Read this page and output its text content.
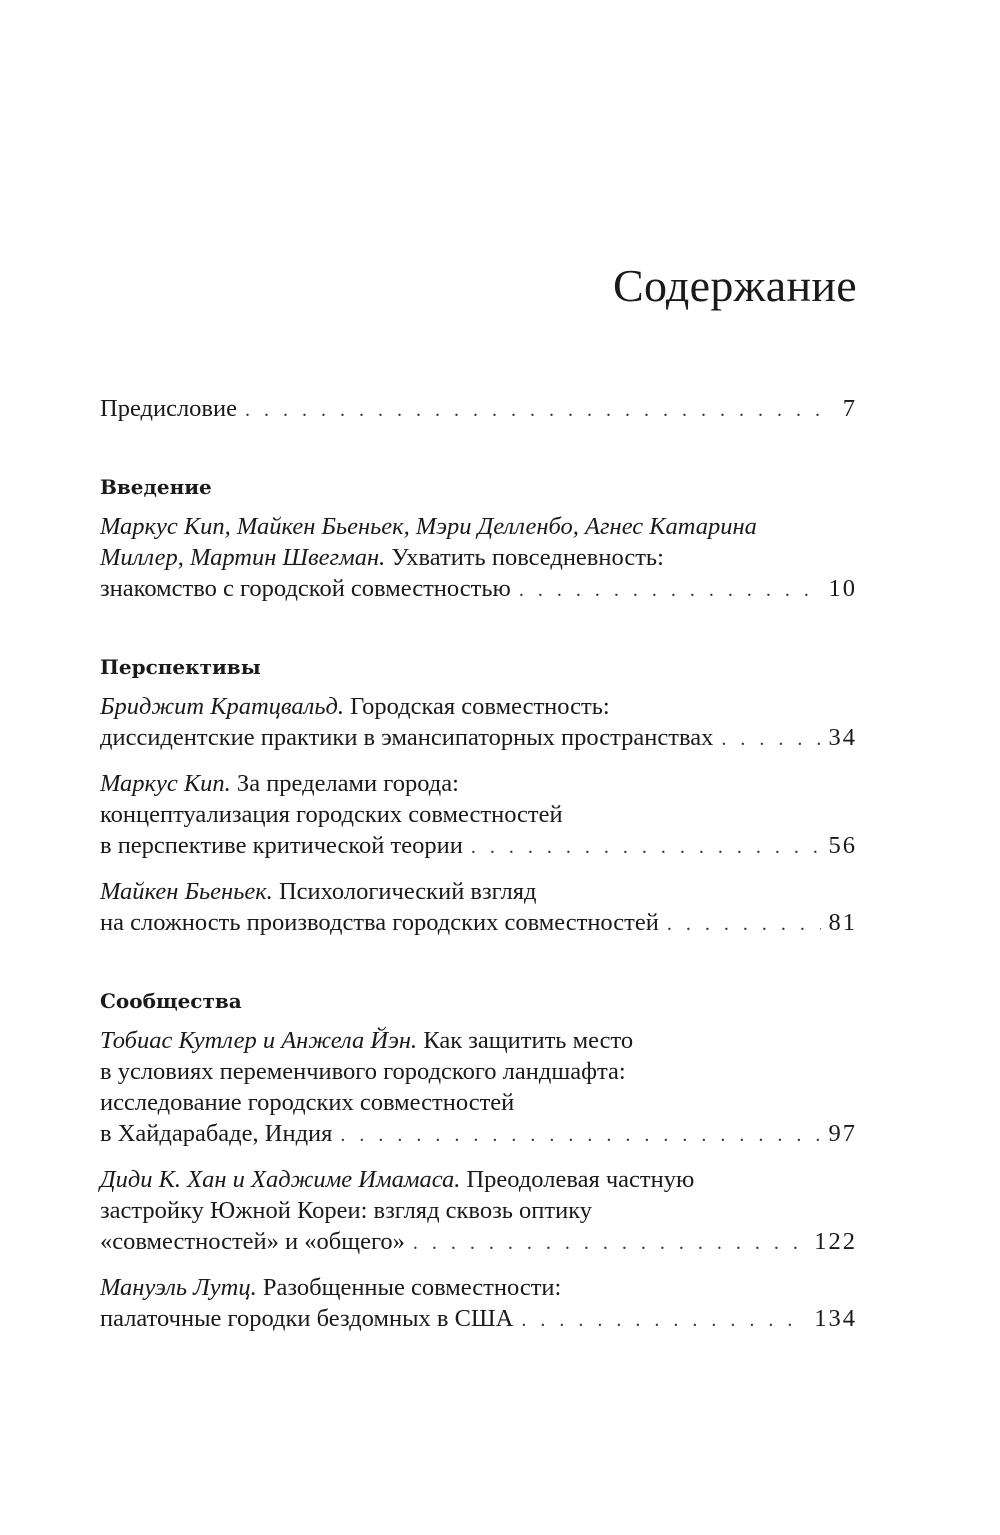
Содержание
Предисловие . . .	7
Введение
Маркус Кип, Майкен Бьеньек, Мэри Делленбо, Агнес Катарина
Миллер, Мартин Швегман. Ухватить повседневность:
знакомство с городской совместностью . . .	10
Перспективы
Бриджит Кратцвальд. Городская совместность:
диссидентские практики в эмансипаторных пространствах . . .	34
Маркус Кип. За пределами города:
концептуализация городских совместностей
в перспективе критической теории . . .	56
Майкен Бьеньек. Психологический взгляд
на сложность производства городских совместностей . . .	81
Сообщества
Тобиас Кутлер и Анжела Йэн. Как защитить место
в условиях переменчивого городского ландшафта:
исследование городских совместностей
в Хайдарабаде, Индия . . .	97
Диди К. Хан и Хаджиме Имамаса. Преодолевая частную
застройку Южной Кореи: взгляд сквозь оптику
«совместностей» и «общего» . . .	122
Мануэль Лутц. Разобщенные совместности:
палаточные городки бездомных в США . . .	134
